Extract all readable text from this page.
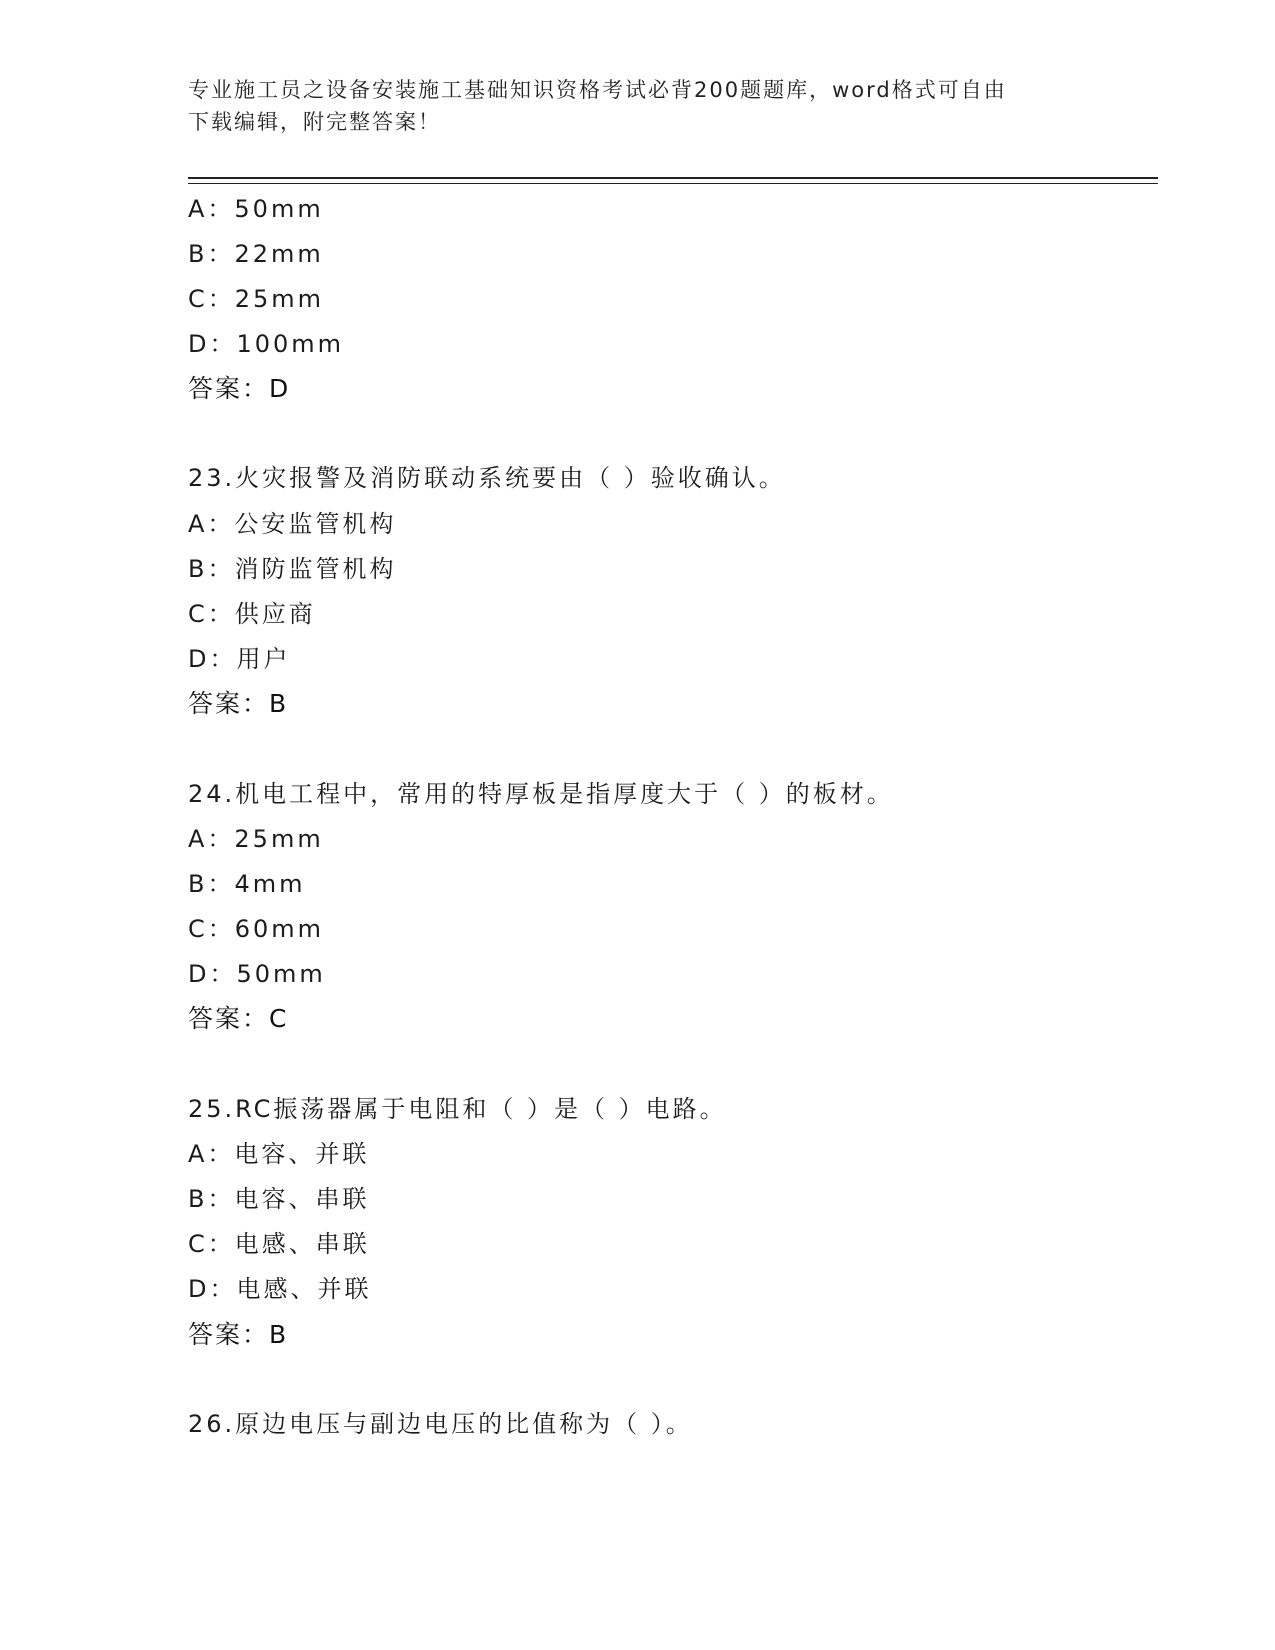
专业施工员之设备安装施工基础知识资格考试必背200题题库，word格式可自由
下载编辑，附完整答案！
A：50mm
B：22mm
C：25mm
D：100mm
答案：D
23.火灾报警及消防联动系统要由（ ）验收确认。
A：公安监管机构
B：消防监管机构
C：供应商
D：用户
答案：B
24.机电工程中，常用的特厚板是指厚度大于（ ）的板材。
A：25mm
B：4mm
C：60mm
D：50mm
答案：C
25.RC振荡器属于电阻和（ ）是（ ）电路。
A：电容、并联
B：电容、串联
C：电感、串联
D：电感、并联
答案：B
26.原边电压与副边电压的比值称为（ ）。
